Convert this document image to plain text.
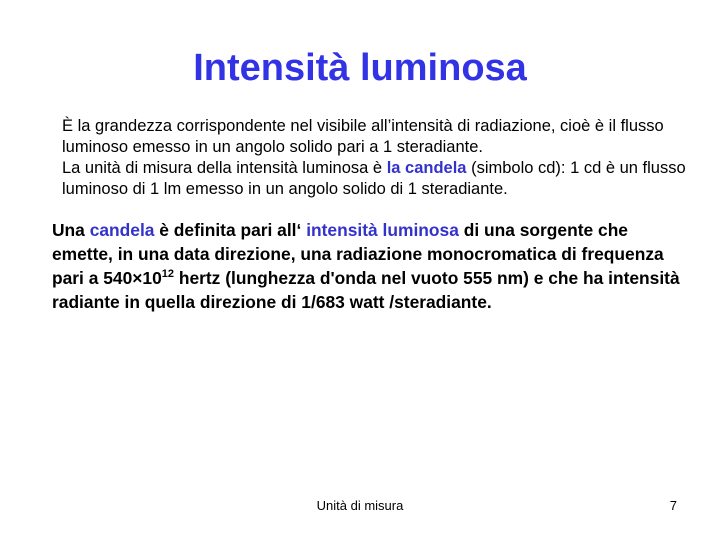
Intensità luminosa

È la grandezza corrispondente nel visibile all’intensità di radiazione, cioè è il flusso luminoso emesso in un angolo solido pari a 1 steradiante.

La unità di misura della intensità luminosa è la candela (simbolo cd): 1 cd è un flusso luminoso di 1 lm emesso in un angolo solido di 1 steradiante.

Una candela è definita pari all‘ intensità luminosa di una sorgente che emette, in una data direzione, una radiazione monocromatica di frequenza pari a $540\times 10^{12}$ hertz (lunghezza d'onda nel vuoto 555 nm) e che ha intensità radiante in quella direzione di 1/683 watt /steradiante.
Unità di misura	7
